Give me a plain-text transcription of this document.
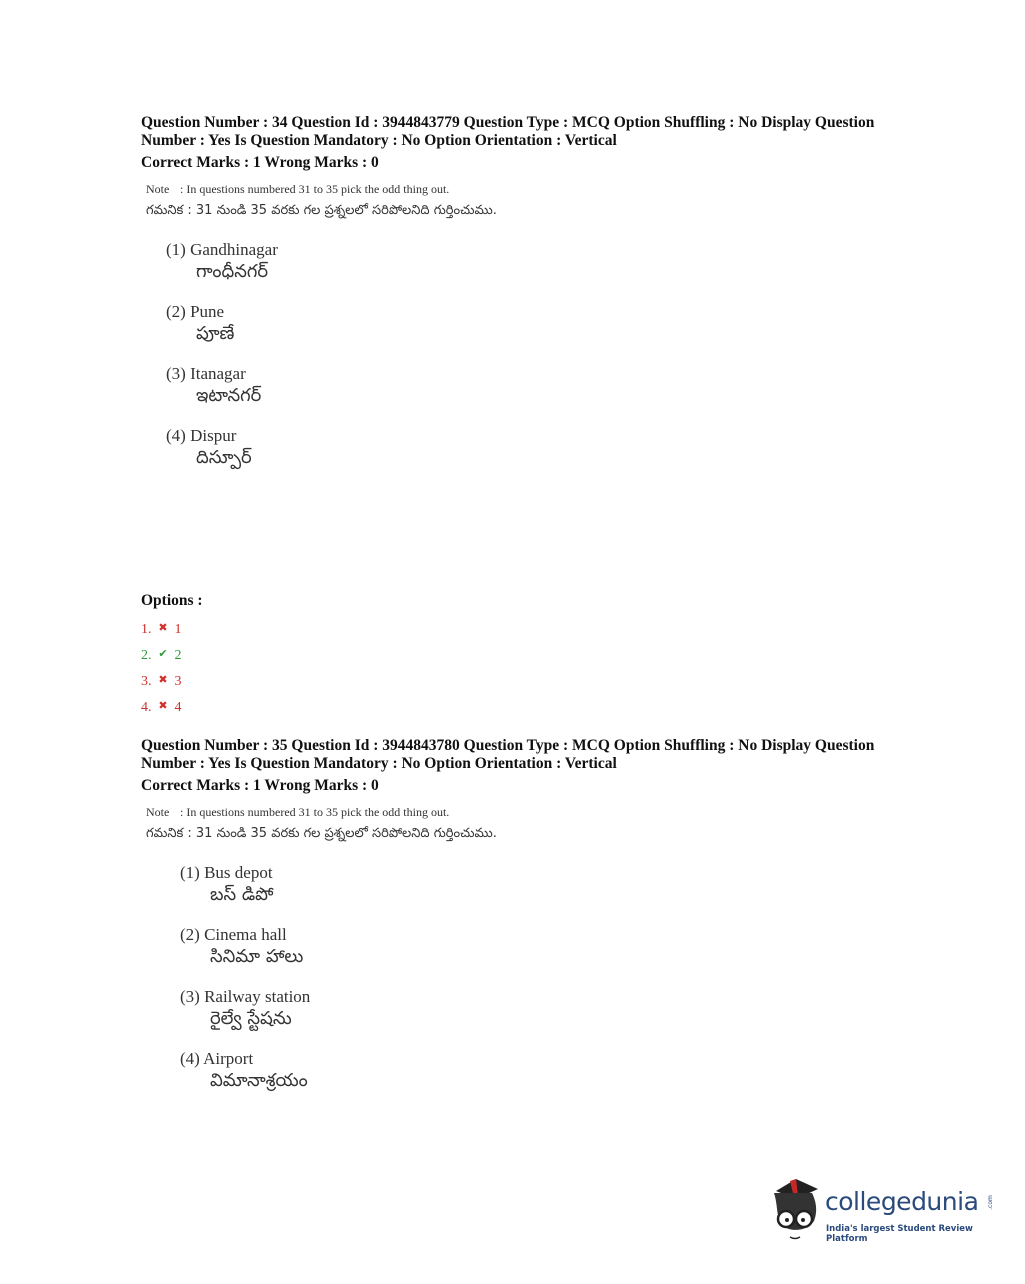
Question Number : 34 Question Id : 3944843779 Question Type : MCQ Option Shuffling : No Display Question Number : Yes Is Question Mandatory : No Option Orientation : Vertical
Correct Marks : 1 Wrong Marks : 0
Note : In questions numbered 31 to 35 pick the odd thing out.
గమనిక : 31 నుండి 35 వరకు గల ప్రశ్నలలో సరిపోలనిది గుర్తించుము.
(1) Gandhinagar
గాంధీనగర్
(2) Pune
పూణే
(3) Itanagar
ఇటానగర్
(4) Dispur
దిస్పూర్
Options :
1. ✖ 1
2. ✔ 2
3. ✖ 3
4. ✖ 4
Question Number : 35 Question Id : 3944843780 Question Type : MCQ Option Shuffling : No Display Question Number : Yes Is Question Mandatory : No Option Orientation : Vertical
Correct Marks : 1 Wrong Marks : 0
Note : In questions numbered 31 to 35 pick the odd thing out.
గమనిక : 31 నుండి 35 వరకు గల ప్రశ్నలలో సరిపోలనిది గుర్తించుము.
(1) Bus depot
బస్ డిపో
(2) Cinema hall
సినిమా హాలు
(3) Railway station
రైల్వే స్టేషను
(4) Airport
విమానాశ్రయం
collegedunia .com
India's largest Student Review Platform
